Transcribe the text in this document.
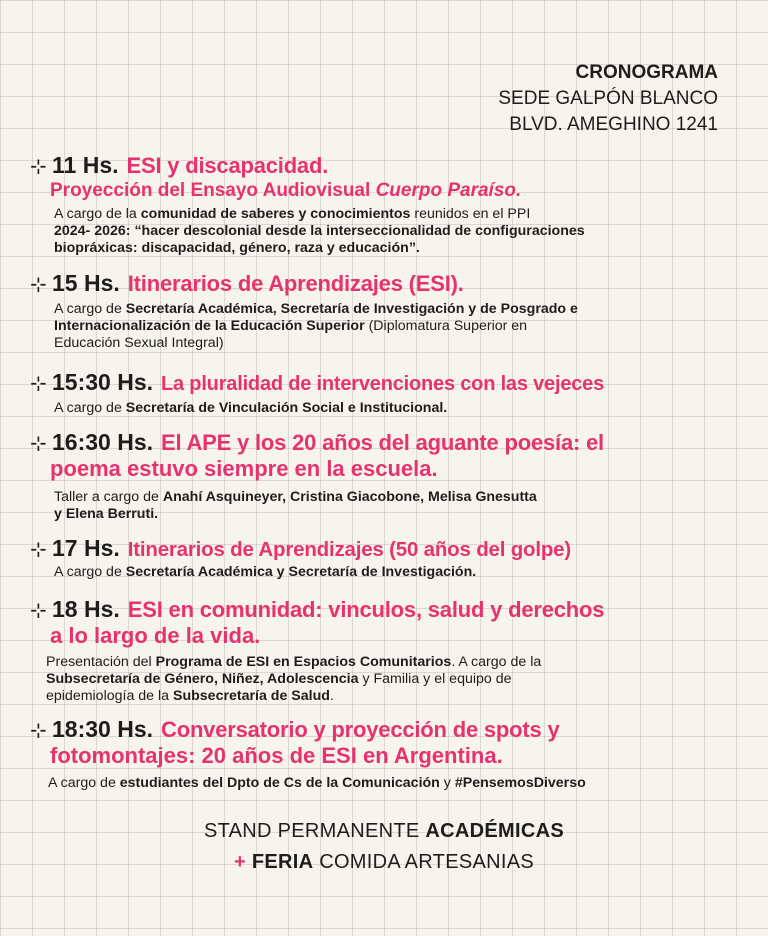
CRONOGRAMA
SEDE GALPÓN BLANCO
BLVD. AMEGHINO 1241
⊹ 11 Hs. ESI y discapacidad.
Proyección del Ensayo Audiovisual Cuerpo Paraíso.
A cargo de la comunidad de saberes y conocimientos reunidos en el PPI
2024- 2026: “hacer descolonial desde la interseccionalidad de configuraciones
biopráxicas: discapacidad, género, raza y educación”.
⊹ 15 Hs. Itinerarios de Aprendizajes (ESI).
A cargo de Secretaría Académica, Secretaría de Investigación y de Posgrado e
Internacionalización de la Educación Superior (Diplomatura Superior en
Educación Sexual Integral)
⊹ 15:30 Hs. La pluralidad de intervenciones con las vejeces
A cargo de Secretaría de Vinculación Social e Institucional.
⊹ 16:30 Hs. El APE y los 20 años del aguante poesía: el
poema estuvo siempre en la escuela.
Taller a cargo de Anahí Asquineyer, Cristina Giacobone, Melisa Gnesutta
y Elena Berruti.
⊹ 17 Hs. Itinerarios de Aprendizajes (50 años del golpe)
A cargo de Secretaría Académica y Secretaría de Investigación.
⊹ 18 Hs. ESI en comunidad: vinculos, salud y derechos
a lo largo de la vida.
Presentación del Programa de ESI en Espacios Comunitarios. A cargo de la
Subsecretaría de Género, Niñez, Adolescencia y Familia y el equipo de
epidemiología de la Subsecretaría de Salud.
⊹ 18:30 Hs. Conversatorio y proyección de spots y
fotomontajes: 20 años de ESI en Argentina.
A cargo de estudiantes del Dpto de Cs de la Comunicación y #PensemosDiverso
STAND PERMANENTE ACADÉMICAS
+ FERIA COMIDA ARTESANIAS
